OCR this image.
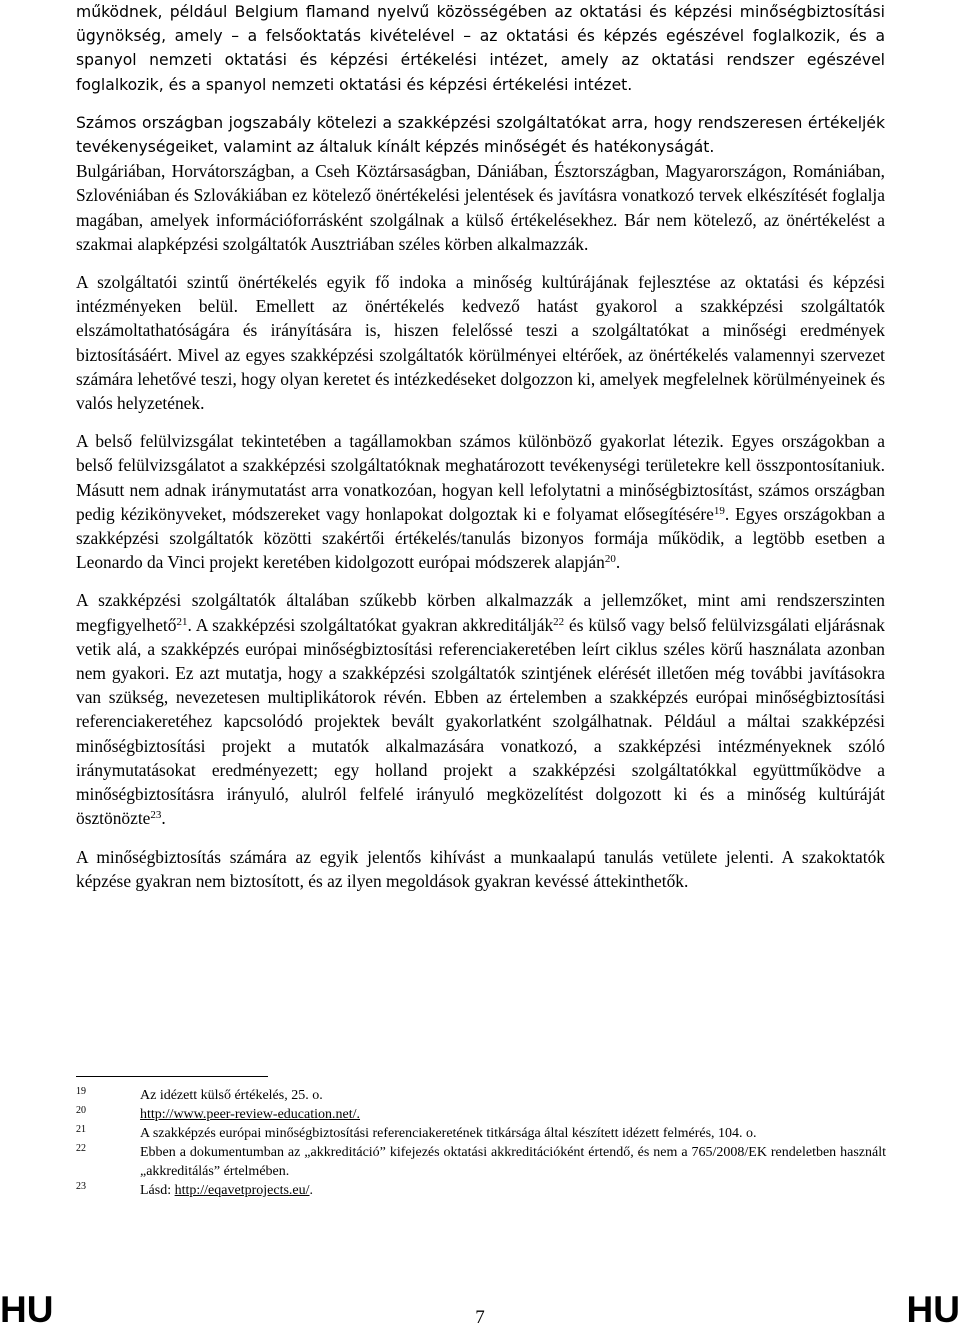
működnek, például Belgium flamand nyelvű közösségében az oktatási és képzési minőségbiztosítási ügynökség, amely – a felsőoktatás kivételével – az oktatási és képzés egészével foglalkozik, és a spanyol nemzeti oktatási és képzési értékelési intézet, amely az oktatási rendszer egészével foglalkozik, és a spanyol nemzeti oktatási és képzési értékelési intézet.

Számos országban jogszabály kötelezi a szakképzési szolgáltatókat arra, hogy rendszeresen értékeljék tevékenységeiket, valamint az általuk kínált képzés minőségét és hatékonyságát.

Bulgáriában, Horvátországban, a Cseh Köztársaságban, Dániában, Észtországban, Magyarországon, Romániában, Szlovéniában és Szlovákiában ez kötelező önértékelési jelentések és javításra vonatkozó tervek elkészítését foglalja magában, amelyek információforrásként szolgálnak a külső értékelésekhez. Bár nem kötelező, az önértékelést a szakmai alapképzési szolgáltatók Ausztriában széles körben alkalmazzák.

A szolgáltatói szintű önértékelés egyik fő indoka a minőség kultúrájának fejlesztése az oktatási és képzési intézményeken belül. Emellett az önértékelés kedvező hatást gyakorol a szakképzési szolgáltatók elszámoltathatóságára és irányítására is, hiszen felelőssé teszi a szolgáltatókat a minőségi eredmények biztosításáért. Mivel az egyes szakképzési szolgáltatók körülményei eltérőek, az önértékelés valamennyi szervezet számára lehetővé teszi, hogy olyan keretet és intézkedéseket dolgozzon ki, amelyek megfelelnek körülményeinek és valós helyzetének.

A belső felülvizsgálat tekintetében a tagállamokban számos különböző gyakorlat létezik. Egyes országokban a belső felülvizsgálatot a szakképzési szolgáltatóknak meghatározott tevékenységi területekre kell összpontosítaniuk. Másutt nem adnak iránymutatást arra vonatkozóan, hogyan kell lefolytatni a minőségbiztosítást, számos országban pedig kézikönyveket, módszereket vagy honlapokat dolgoztak ki e folyamat elősegítésére$^{19}$. Egyes országokban a szakképzési szolgáltatók közötti szakértői értékelés/tanulás bizonyos formája működik, a legtöbb esetben a Leonardo da Vinci projekt keretében kidolgozott európai módszerek alapján$^{20}$.

A szakképzési szolgáltatók általában szűkebb körben alkalmazzák a jellemzőket, mint ami rendszerszinten megfigyelhető$^{21}$. A szakképzési szolgáltatókat gyakran akkreditálják$^{22}$ és külső vagy belső felülvizsgálati eljárásnak vetik alá, a szakképzés európai minőségbiztosítási referenciakeretében leírt ciklus széles körű használata azonban nem gyakori. Ez azt mutatja, hogy a szakképzési szolgáltatók szintjének elérését illetően még további javításokra van szükség, nevezetesen multiplikátorok révén. Ebben az értelemben a szakképzés európai minőségbiztosítási referenciakeretéhez kapcsolódó projektek bevált gyakorlatként szolgálhatnak. Például a máltai szakképzési minőségbiztosítási projekt a mutatók alkalmazására vonatkozó, a szakképzési intézményeknek szóló iránymutatásokat eredményezett; egy holland projekt a szakképzési szolgáltatókkal együttműködve a minőségbiztosításra irányuló, alulról felfelé irányuló megközelítést dolgozott ki és a minőség kultúráját ösztönözte$^{23}$.

A minőségbiztosítás számára az egyik jelentős kihívást a munkaalapú tanulás vetülete jelenti. A szakoktatók képzése gyakran nem biztosított, és az ilyen megoldások gyakran kevéssé áttekinthetők.

19	Az idézett külső értékelés, 25. o.
20	http://www.peer-review-education.net/.
21	A szakképzés európai minőségbiztosítási referenciakeretének titkársága által készített idézett felmérés, 104. o.
22	Ebben a dokumentumban az „akkreditáció” kifejezés oktatási akkreditációként értendő, és nem a 765/2008/EK rendeletben használt „akkreditálás” értelmében.
23	Lásd: http://eqavetprojects.eu/.
HU	7	HU
